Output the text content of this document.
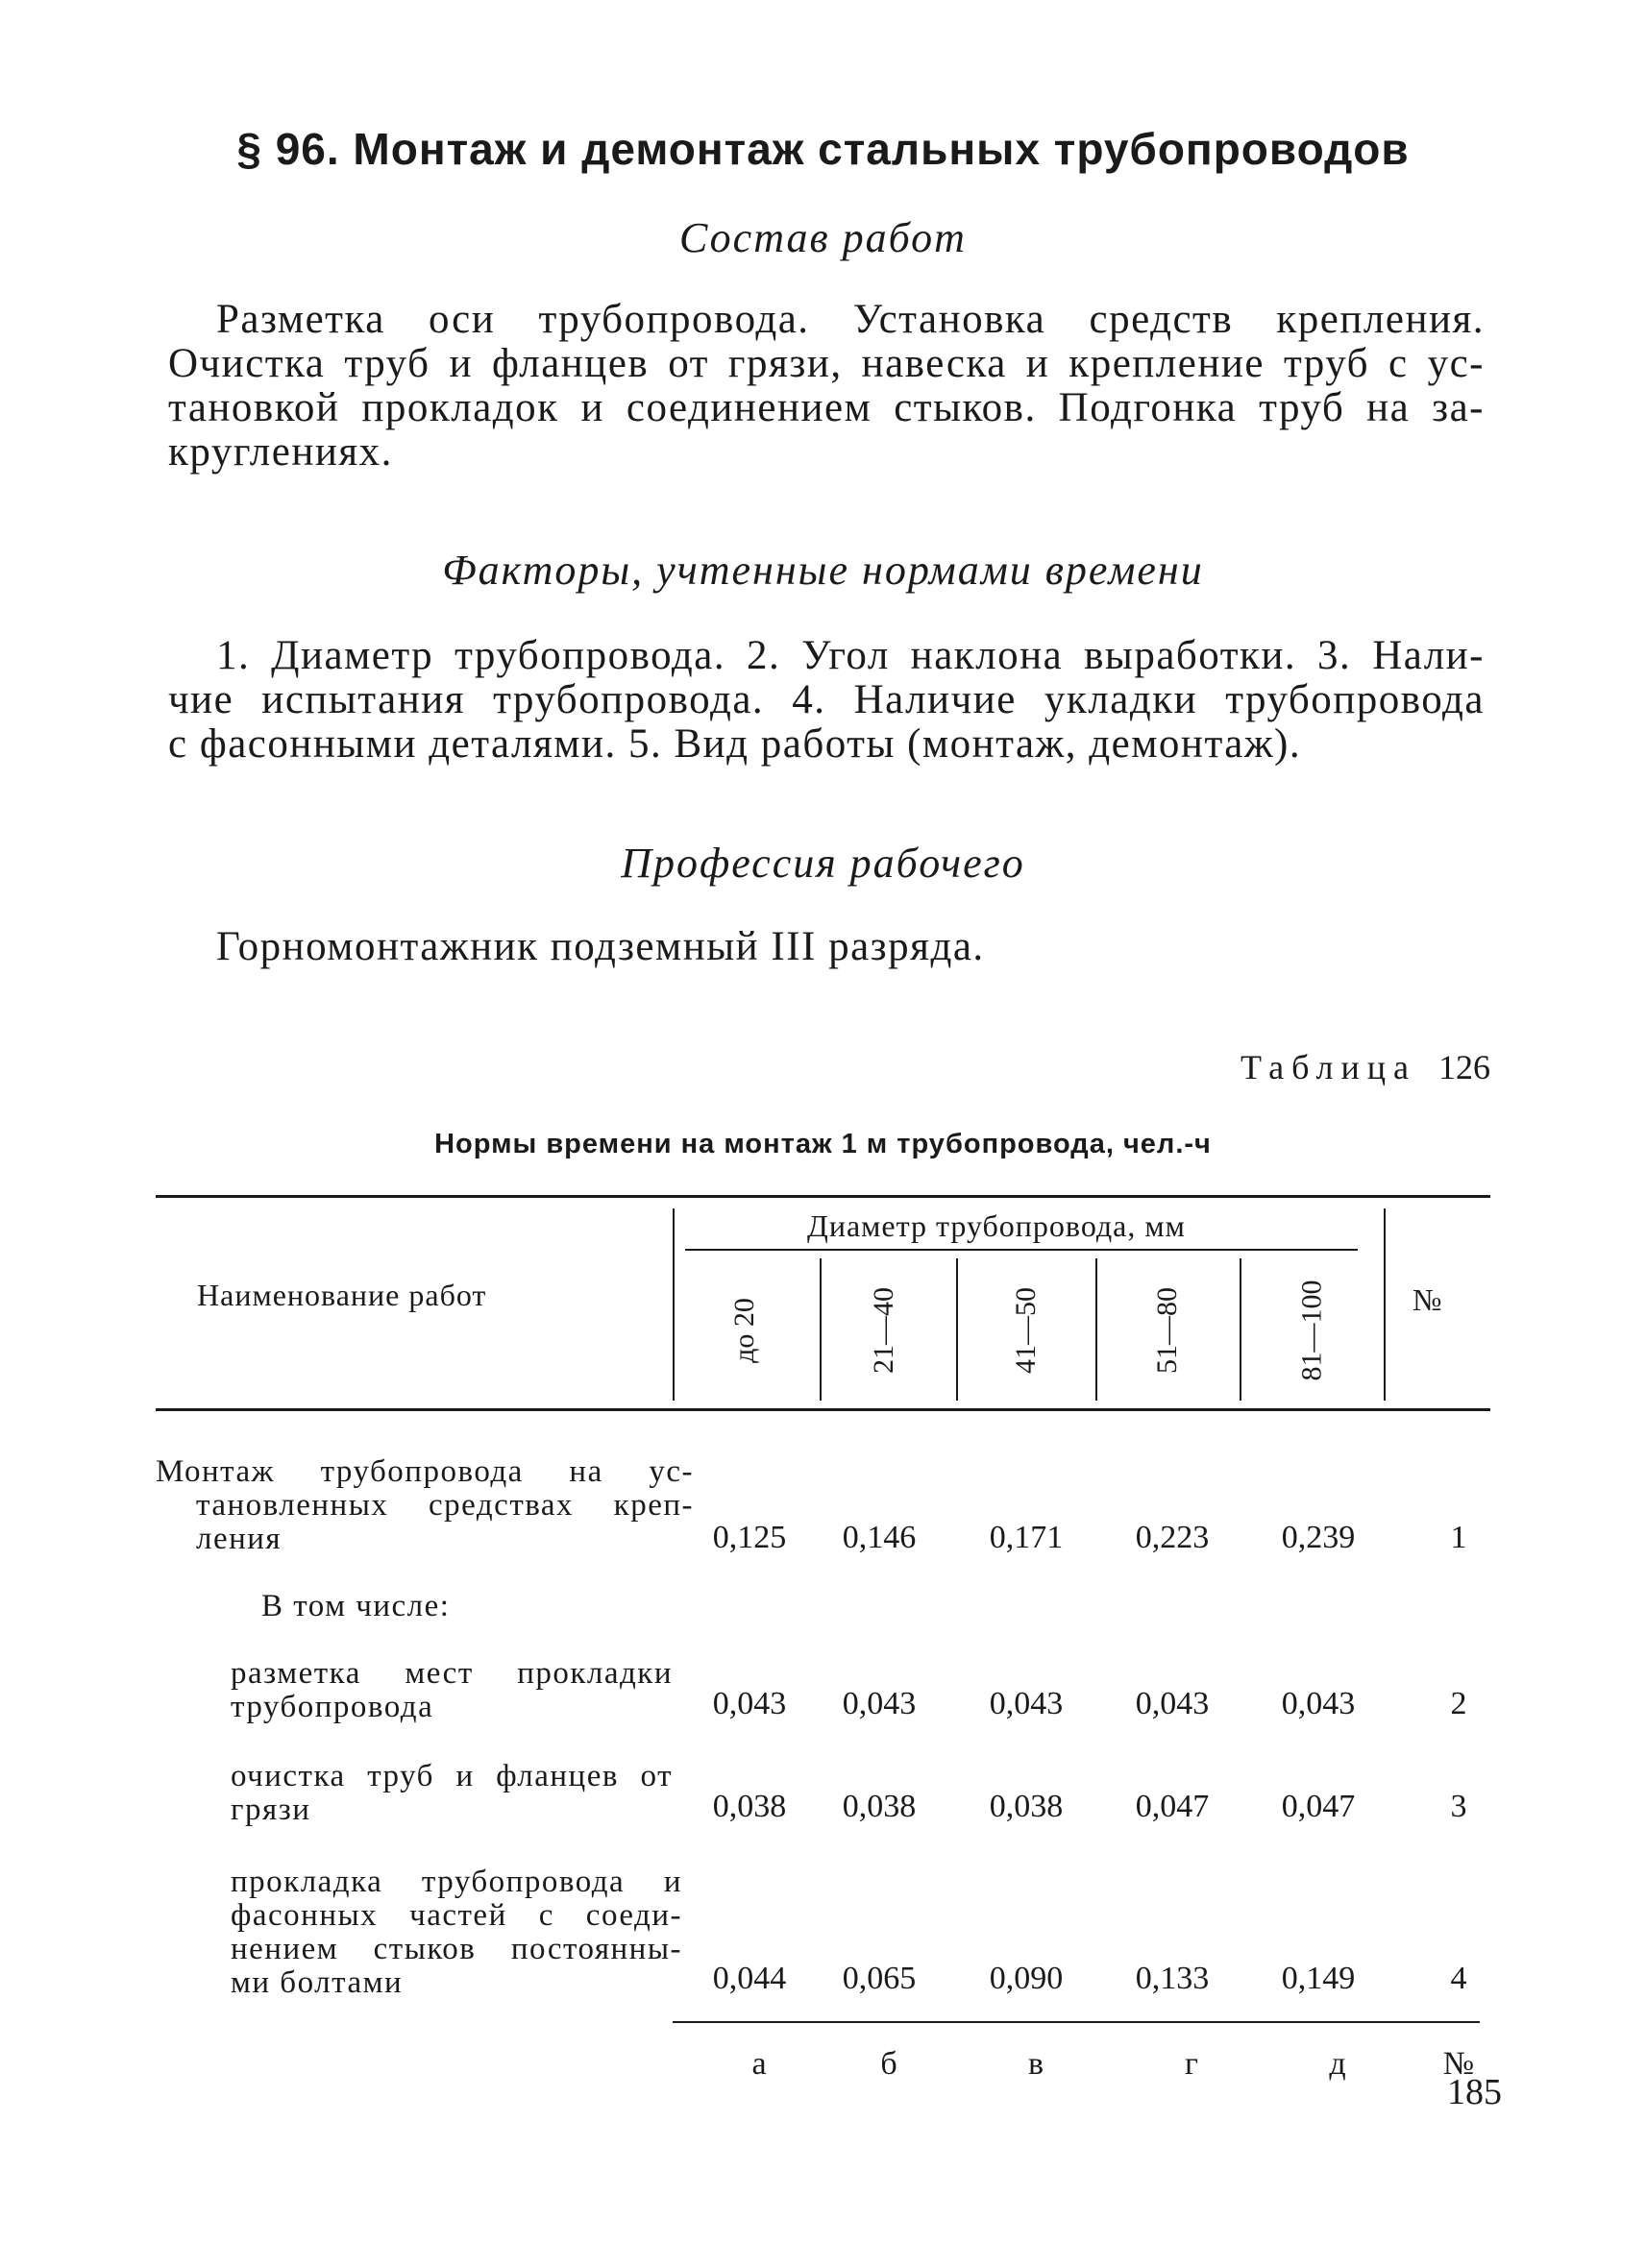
§ 96. Монтаж и демонтаж стальных трубопроводов
Состав работ
Разметка оси трубопровода. Установка средств крепления.
Очистка труб и фланцев от грязи, навеска и крепление труб с ус-
тановкой прокладок и соединением стыков. Подгонка труб на за-
круглениях.
Факторы, учтенные нормами времени
1. Диаметр трубопровода. 2. Угол наклона выработки. 3. Нали-
чие испытания трубопровода. 4. Наличие укладки трубопровода
с фасонными деталями. 5. Вид работы (монтаж, демонтаж).
Профессия рабочего
Горномонтажник подземный III разряда.
Таблица 126
Нормы времени на монтаж 1 м трубопровода, чел.-ч
Наименование работ
Диаметр трубопровода, мм
№
до 20	21—40	41—50	51—80	81—100
Монтаж трубопровода на ус-
тановленных средствах креп-
ления	0,125	0,146	0,171	0,223	0,239	1
В том числе:
разметка мест прокладки
трубопровода	0,043	0,043	0,043	0,043	0,043	2
очистка труб и фланцев от
грязи	0,038	0,038	0,038	0,047	0,047	3
прокладка трубопровода и
фасонных частей с соеди-
нением стыков постоянны-
ми болтами	0,044	0,065	0,090	0,133	0,149	4
а	б	в	г	д	№
185
